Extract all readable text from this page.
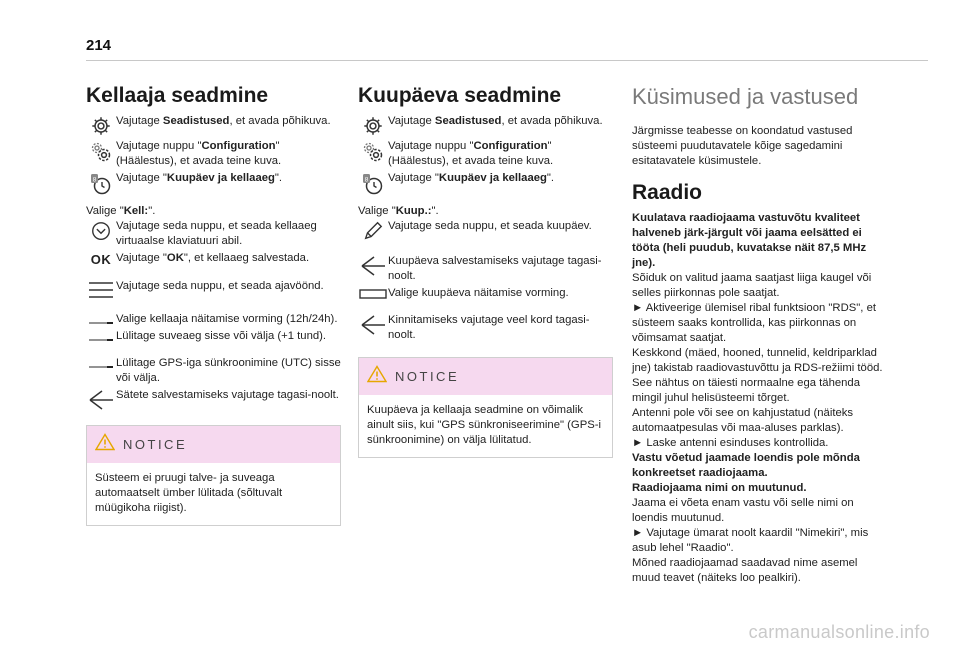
214
Kellaaja seadmine
Vajutage Seadistused, et avada põhikuva.
Vajutage nuppu "Configuration" (Häälestus), et avada teine kuva.
8 Vajutage "Kuupäev ja kellaaeg".

Valige "Kell:".

Vajutage seda nuppu, et seada kellaaeg virtuaalse klaviatuuri abil.
OK Vajutage "OK", et kellaaeg salvestada.
Vajutage seda nuppu, et seada ajavöönd.
Valige kellaaja näitamise vorming (12h/24h).
Lülitage suveaeg sisse või välja (+1 tund).
Lülitage GPS-iga sünkroonimine (UTC) sisse või välja.
Sätete salvestamiseks vajutage tagasi-noolt.
NOTICE
Süsteem ei pruugi talve- ja suveaga automaatselt ümber lülitada (sõltuvalt müügikoha riigist).
Kuupäeva seadmine
Vajutage Seadistused, et avada põhikuva.
Vajutage nuppu "Configuration" (Häälestus), et avada teine kuva.
8 Vajutage "Kuupäev ja kellaaeg".

Valige "Kuup.:".

Vajutage seda nuppu, et seada kuupäev.
Kuupäeva salvestamiseks vajutage tagasi-noolt.
Valige kuupäeva näitamise vorming.
Kinnitamiseks vajutage veel kord tagasi-noolt.
NOTICE
Kuupäeva ja kellaaja seadmine on võimalik ainult siis, kui "GPS sünkroniseerimine" (GPS-i sünkroonimine) on välja lülitatud.
Küsimused ja vastused

Järgmisse teabesse on koondatud vastused süsteemi puudutavatele kõige sagedamini esitatavatele küsimustele.

Raadio

Kuulatava raadiojaama vastuvõtu kvaliteet halveneb järk-järgult või jaama eelsätted ei tööta (heli puudub, kuvatakse näit 87,5 MHz jne).

Sõiduk on valitud jaama saatjast liiga kaugel või selles piirkonnas pole saatjat.

► Aktiveerige ülemisel ribal funktsioon "RDS", et süsteem saaks kontrollida, kas piirkonnas on võimsamat saatjat.

Keskkond (mäed, hooned, tunnelid, keldriparklad jne) takistab raadiovastuvõttu ja RDS-režiimi tööd.

See nähtus on täiesti normaalne ega tähenda mingil juhul helisüsteemi tõrget.

Antenni pole või see on kahjustatud (näiteks automaatpesulas või maa-aluses parklas).

► Laske antenni esinduses kontrollida.

Vastu võetud jaamade loendis pole mõnda konkreetset raadiojaama.

Raadiojaama nimi on muutunud.

Jaama ei võeta enam vastu või selle nimi on loendis muutunud.

► Vajutage ümarat noolt kaardil "Nimekiri", mis asub lehel "Raadio".

Mõned raadiojaamad saadavad nime asemel muud teavet (näiteks loo pealkiri).

carmanualsonline.info
